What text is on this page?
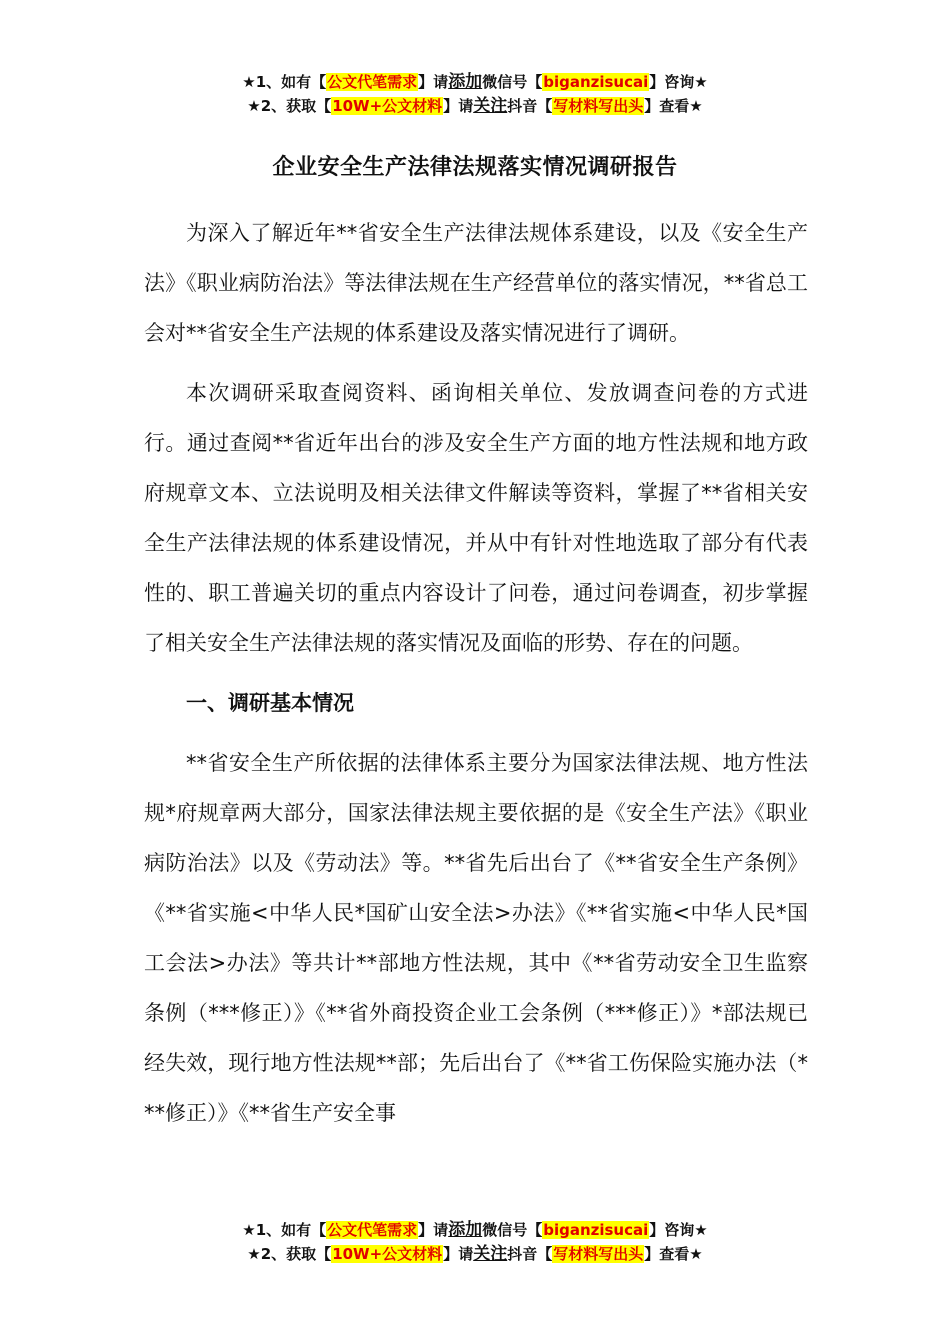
★1、如有【公文代笔需求】请添加微信号【biganzisucai】咨询★
★2、获取【10W+公文材料】请关注抖音【写材料写出头】查看★
企业安全生产法律法规落实情况调研报告

为深入了解近年**省安全生产法律法规体系建设，以及《安全生产法》《职业病防治法》等法律法规在生产经营单位的落实情况，**省总工会对**省安全生产法规的体系建设及落实情况进行了调研。

本次调研采取查阅资料、函询相关单位、发放调查问卷的方式进行。通过查阅**省近年出台的涉及安全生产方面的地方性法规和地方政府规章文本、立法说明及相关法律文件解读等资料，掌握了**省相关安全生产法律法规的体系建设情况，并从中有针对性地选取了部分有代表性的、职工普遍关切的重点内容设计了问卷，通过问卷调查，初步掌握了相关安全生产法律法规的落实情况及面临的形势、存在的问题。

一、调研基本情况

**省安全生产所依据的法律体系主要分为国家法律法规、地方性法规*府规章两大部分，国家法律法规主要依据的是《安全生产法》《职业病防治法》以及《劳动法》等。**省先后出台了《**省安全生产条例》《**省实施<中华人民*国矿山安全法>办法》《**省实施<中华人民*国工会法>办法》等共计**部地方性法规，其中《**省劳动安全卫生监察条例（***修正）》《**省外商投资企业工会条例（***修正）》*部法规已经失效，现行地方性法规**部；先后出台了《**省工伤保险实施办法（***修正）》《**省生产安全事

★1、如有【公文代笔需求】请添加微信号【biganzisucai】咨询★
★2、获取【10W+公文材料】请关注抖音【写材料写出头】查看★
